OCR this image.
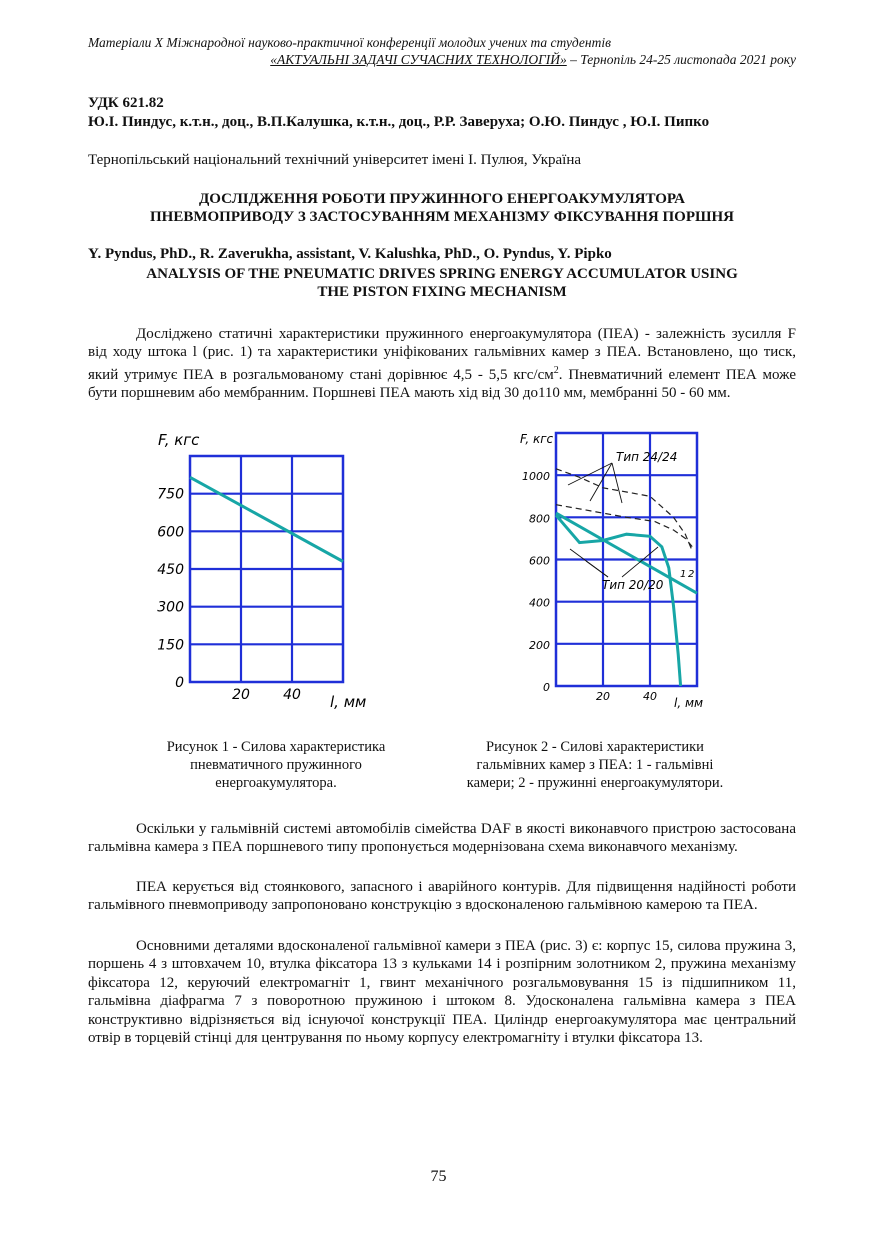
Матеріали Х Міжнародної науково-практичної конференції молодих учених та студентів
«АКТУАЛЬНІ ЗАДАЧІ СУЧАСНИХ ТЕХНОЛОГІЙ» – Тернопіль 24-25 листопада 2021 року
УДК 621.82
Ю.І. Пиндус, к.т.н., доц., В.П.Калушка, к.т.н., доц., Р.Р. Заверуха; О.Ю. Пиндус , Ю.І. Пипко
Тернопільський національний технічний університет імені І. Пулюя, Україна
ДОСЛІДЖЕННЯ РОБОТИ ПРУЖИННОГО ЕНЕРГОАКУМУЛЯТОРА
ПНЕВМОПРИВОДУ З ЗАСТОСУВАННЯМ МЕХАНІЗМУ ФІКСУВАННЯ ПОРШНЯ
Y. Pyndus, PhD., R. Zaverukha, assistant, V. Kalushka, PhD., O. Pyndus, Y. Pipko
ANALYSIS OF THE PNEUMATIC DRIVES SPRING ENERGY ACCUMULATOR USING
THE PISTON FIXING MECHANISM
Досліджено статичні характеристики пружинного енергоакумулятора (ПЕА) - залежність зусилля F від ходу штока l (рис. 1) та характеристики уніфікованих гальмівних камер з ПЕА. Встановлено, що тиск, який утримує ПЕА в розгальмованому стані дорівнює 4,5 - 5,5 кгс/$см^2$. Пневматичний елемент ПЕА може бути поршневим або мембранним. Поршневі ПЕА мають хід від 30 до110 мм, мембранні 50 - 60 мм.
0
150
300
450
600
750
20 40
F, кгс
l, мм
0
200
400
600
800
1000
20	40
F, кгс
l, мм
Тип 24/24
Тип 20/20
1 2
Рисунок 1 - Силова характеристика
пневматичного пружинного
енергоакумулятора.
Рисунок 2 - Силові характеристики
гальмівних камер з ПЕА: 1 - гальмівні
камери; 2 - пружинні енергоакумулятори.
Оскільки у гальмівній системі автомобілів сімейства DAF в якості виконавчого пристрою застосована гальмівна камера з ПЕА поршневого типу пропонується модернізована схема виконавчого механізму.
ПЕА керується від стоянкового, запасного і аварійного контурів. Для підвищення надійності роботи гальмівного пневмоприводу запропоновано конструкцію з вдосконаленою гальмівною камерою та ПЕА.
Основними деталями вдосконаленої гальмівної камери з ПЕА (рис. 3) є: корпус 15, силова пружина 3, поршень 4 з штовхачем 10, втулка фіксатора 13 з кульками 14 і розпірним золотником 2, пружина механізму фіксатора 12, керуючий електромагніт 1, гвинт механічного розгальмовування 15 із підшипником 11, гальмівна діафрагма 7 з поворотною пружиною і штоком 8. Удосконалена гальмівна камера з ПЕА конструктивно відрізняється від існуючої конструкції ПЕА. Циліндр енергоакумулятора має центральний отвір в торцевій стінці для центрування по ньому корпусу електромагніту і втулки фіксатора 13.
75
